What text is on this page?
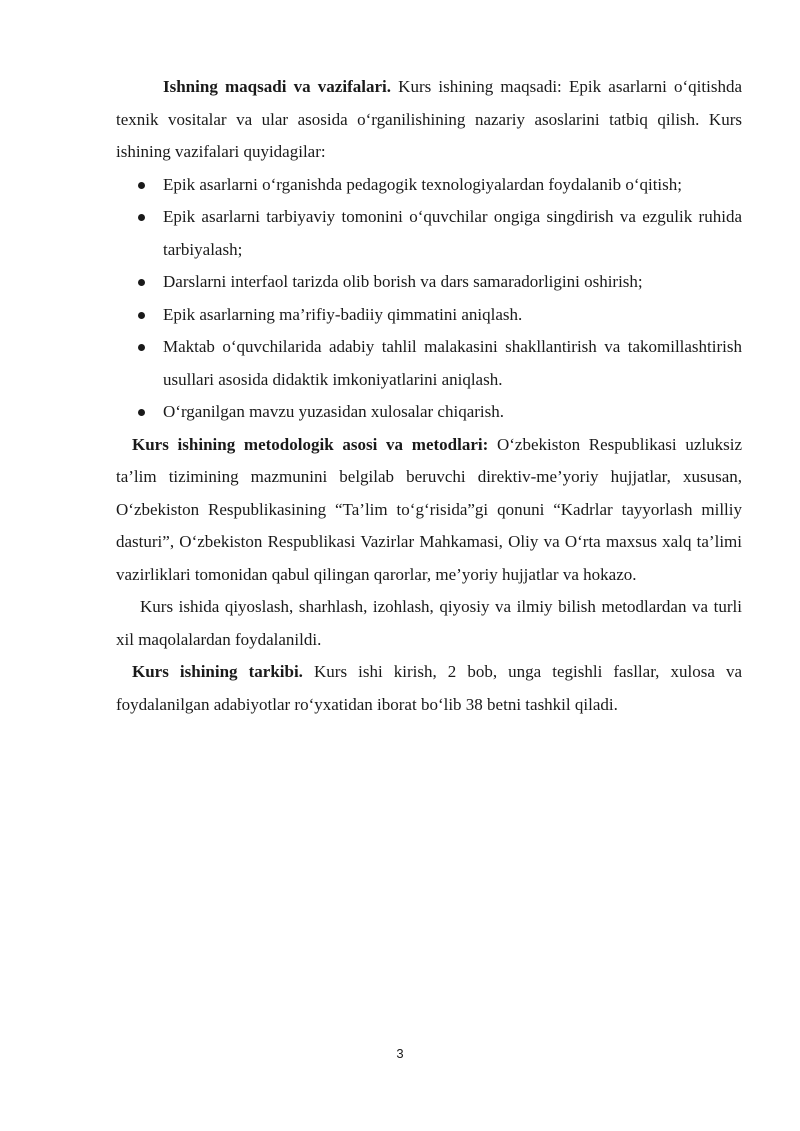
Ishning maqsadi va vazifalari. Kurs ishining maqsadi: Epik asarlarni o‘qitishda texnik vositalar va ular asosida o‘rganilishining nazariy asoslarini tatbiq qilish. Kurs ishining vazifalari quyidagilar:

Epik asarlarni o‘rganishda pedagogik texnologiyalardan foydalanib o‘qitish;
Epik asarlarni tarbiyaviy tomonini o‘quvchilar ongiga singdirish va ezgulik ruhida tarbiyalash;
Darslarni interfaol tarizda olib borish va dars samaradorligini oshirish;
Epik asarlarning ma’rifiy-badiiy qimmatini aniqlash.
Maktab o‘quvchilarida adabiy tahlil malakasini shakllantirish va takomillashtirish usullari asosida didaktik imkoniyatlarini aniqlash.
O‘rganilgan mavzu yuzasidan xulosalar chiqarish.

Kurs ishining metodologik asosi va metodlari: O‘zbekiston Respublikasi uzluksiz ta’lim tizimining mazmunini belgilab beruvchi direktiv-me’yoriy hujjatlar, xususan, O‘zbekiston Respublikasining “Ta’lim to‘g‘risida”gi qonuni “Kadrlar tayyorlash milliy dasturi”, O‘zbekiston Respublikasi Vazirlar Mahkamasi, Oliy va O‘rta maxsus xalq ta’limi vazirliklari tomonidan qabul qilingan qarorlar, me’yoriy hujjatlar va hokazo.

Kurs ishida qiyoslash, sharhlash, izohlash, qiyosiy va ilmiy bilish metodlardan va turli xil maqolalardan foydalanildi.

Kurs ishining tarkibi. Kurs ishi kirish, 2 bob, unga tegishli fasllar, xulosa va foydalanilgan adabiyotlar ro‘yxatidan iborat bo‘lib 38 betni tashkil qiladi.

3
